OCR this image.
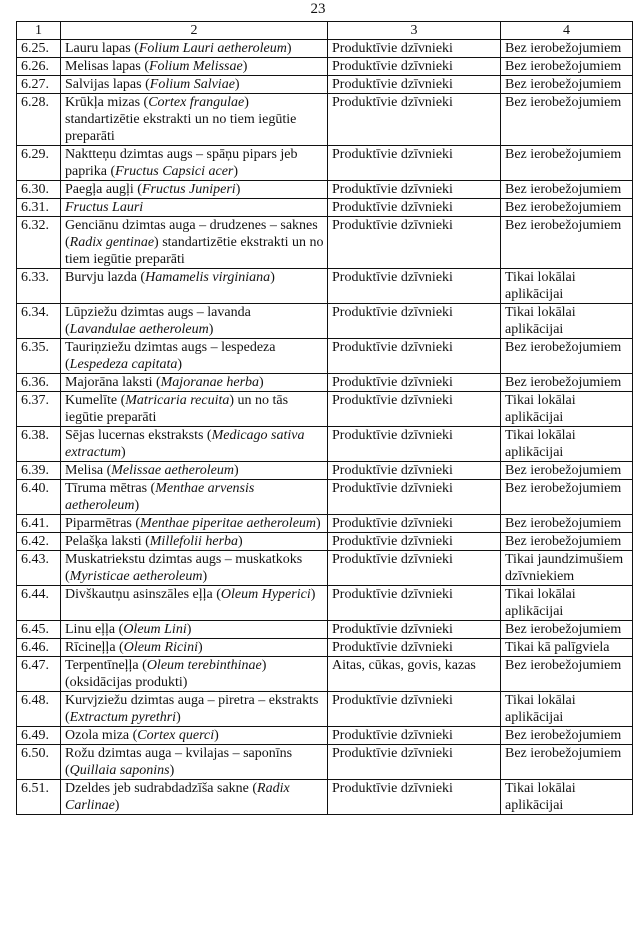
23
1	2	3	4
6.25.	Lauru lapas (Folium Lauri aetheroleum)	Produktīvie dzīvnieki	Bez ierobežojumiem
6.26.	Melisas lapas (Folium Melissae)	Produktīvie dzīvnieki	Bez ierobežojumiem
6.27.	Salvijas lapas (Folium Salviae)	Produktīvie dzīvnieki	Bez ierobežojumiem
6.28.	Krūkļa mizas (Cortex frangulae) standartizētie ekstrakti un no tiem iegūtie preparāti	Produktīvie dzīvnieki	Bez ierobežojumiem
6.29.	Naktteņu dzimtas augs – spāņu pipars jeb paprika (Fructus Capsici acer)	Produktīvie dzīvnieki	Bez ierobežojumiem
6.30.	Paegļa augļi (Fructus Juniperi)	Produktīvie dzīvnieki	Bez ierobežojumiem
6.31.	Fructus Lauri	Produktīvie dzīvnieki	Bez ierobežojumiem
6.32.	Genciānu dzimtas auga – drudzenes – saknes (Radix gentinae) standartizētie ekstrakti un no tiem iegūtie preparāti	Produktīvie dzīvnieki	Bez ierobežojumiem
6.33.	Burvju lazda (Hamamelis virginiana)	Produktīvie dzīvnieki	Tikai lokālai aplikācijai
6.34.	Lūpziežu dzimtas augs – lavanda (Lavandulae aetheroleum)	Produktīvie dzīvnieki	Tikai lokālai aplikācijai
6.35.	Tauriņziežu dzimtas augs – lespedeza (Lespedeza capitata)	Produktīvie dzīvnieki	Bez ierobežojumiem
6.36.	Majorāna laksti (Majoranae herba)	Produktīvie dzīvnieki	Bez ierobežojumiem
6.37.	Kumelīte (Matricaria recuita) un no tās iegūtie preparāti	Produktīvie dzīvnieki	Tikai lokālai aplikācijai
6.38.	Sējas lucernas ekstraksts (Medicago sativa extractum)	Produktīvie dzīvnieki	Tikai lokālai aplikācijai
6.39.	Melisa (Melissae aetheroleum)	Produktīvie dzīvnieki	Bez ierobežojumiem
6.40.	Tīruma mētras (Menthae arvensis aetheroleum)	Produktīvie dzīvnieki	Bez ierobežojumiem
6.41.	Piparmētras (Menthae piperitae aetheroleum)	Produktīvie dzīvnieki	Bez ierobežojumiem
6.42.	Pelašķa laksti (Millefolii herba)	Produktīvie dzīvnieki	Bez ierobežojumiem
6.43.	Muskatriekstu dzimtas augs – muskatkoks (Myristicae aetheroleum)	Produktīvie dzīvnieki	Tikai jaundzimušiem dzīvniekiem
6.44.	Divškautņu asinszāles eļļa (Oleum Hyperici)	Produktīvie dzīvnieki	Tikai lokālai aplikācijai
6.45.	Linu eļļa (Oleum Lini)	Produktīvie dzīvnieki	Bez ierobežojumiem
6.46.	Rīcineļļa (Oleum Ricini)	Produktīvie dzīvnieki	Tikai kā palīgviela
6.47.	Terpentīneļļa (Oleum terebinthinae) (oksidācijas produkti)	Aitas, cūkas, govis, kazas	Bez ierobežojumiem
6.48.	Kurvjziežu dzimtas auga – piretra – ekstrakts (Extractum pyrethri)	Produktīvie dzīvnieki	Tikai lokālai aplikācijai
6.49.	Ozola miza (Cortex querci)	Produktīvie dzīvnieki	Bez ierobežojumiem
6.50.	Rožu dzimtas auga – kvilajas – saponīns (Quillaia saponins)	Produktīvie dzīvnieki	Bez ierobežojumiem
6.51.	Dzeldes jeb sudrabdadzīša sakne (Radix Carlinae)	Produktīvie dzīvnieki	Tikai lokālai aplikācijai
